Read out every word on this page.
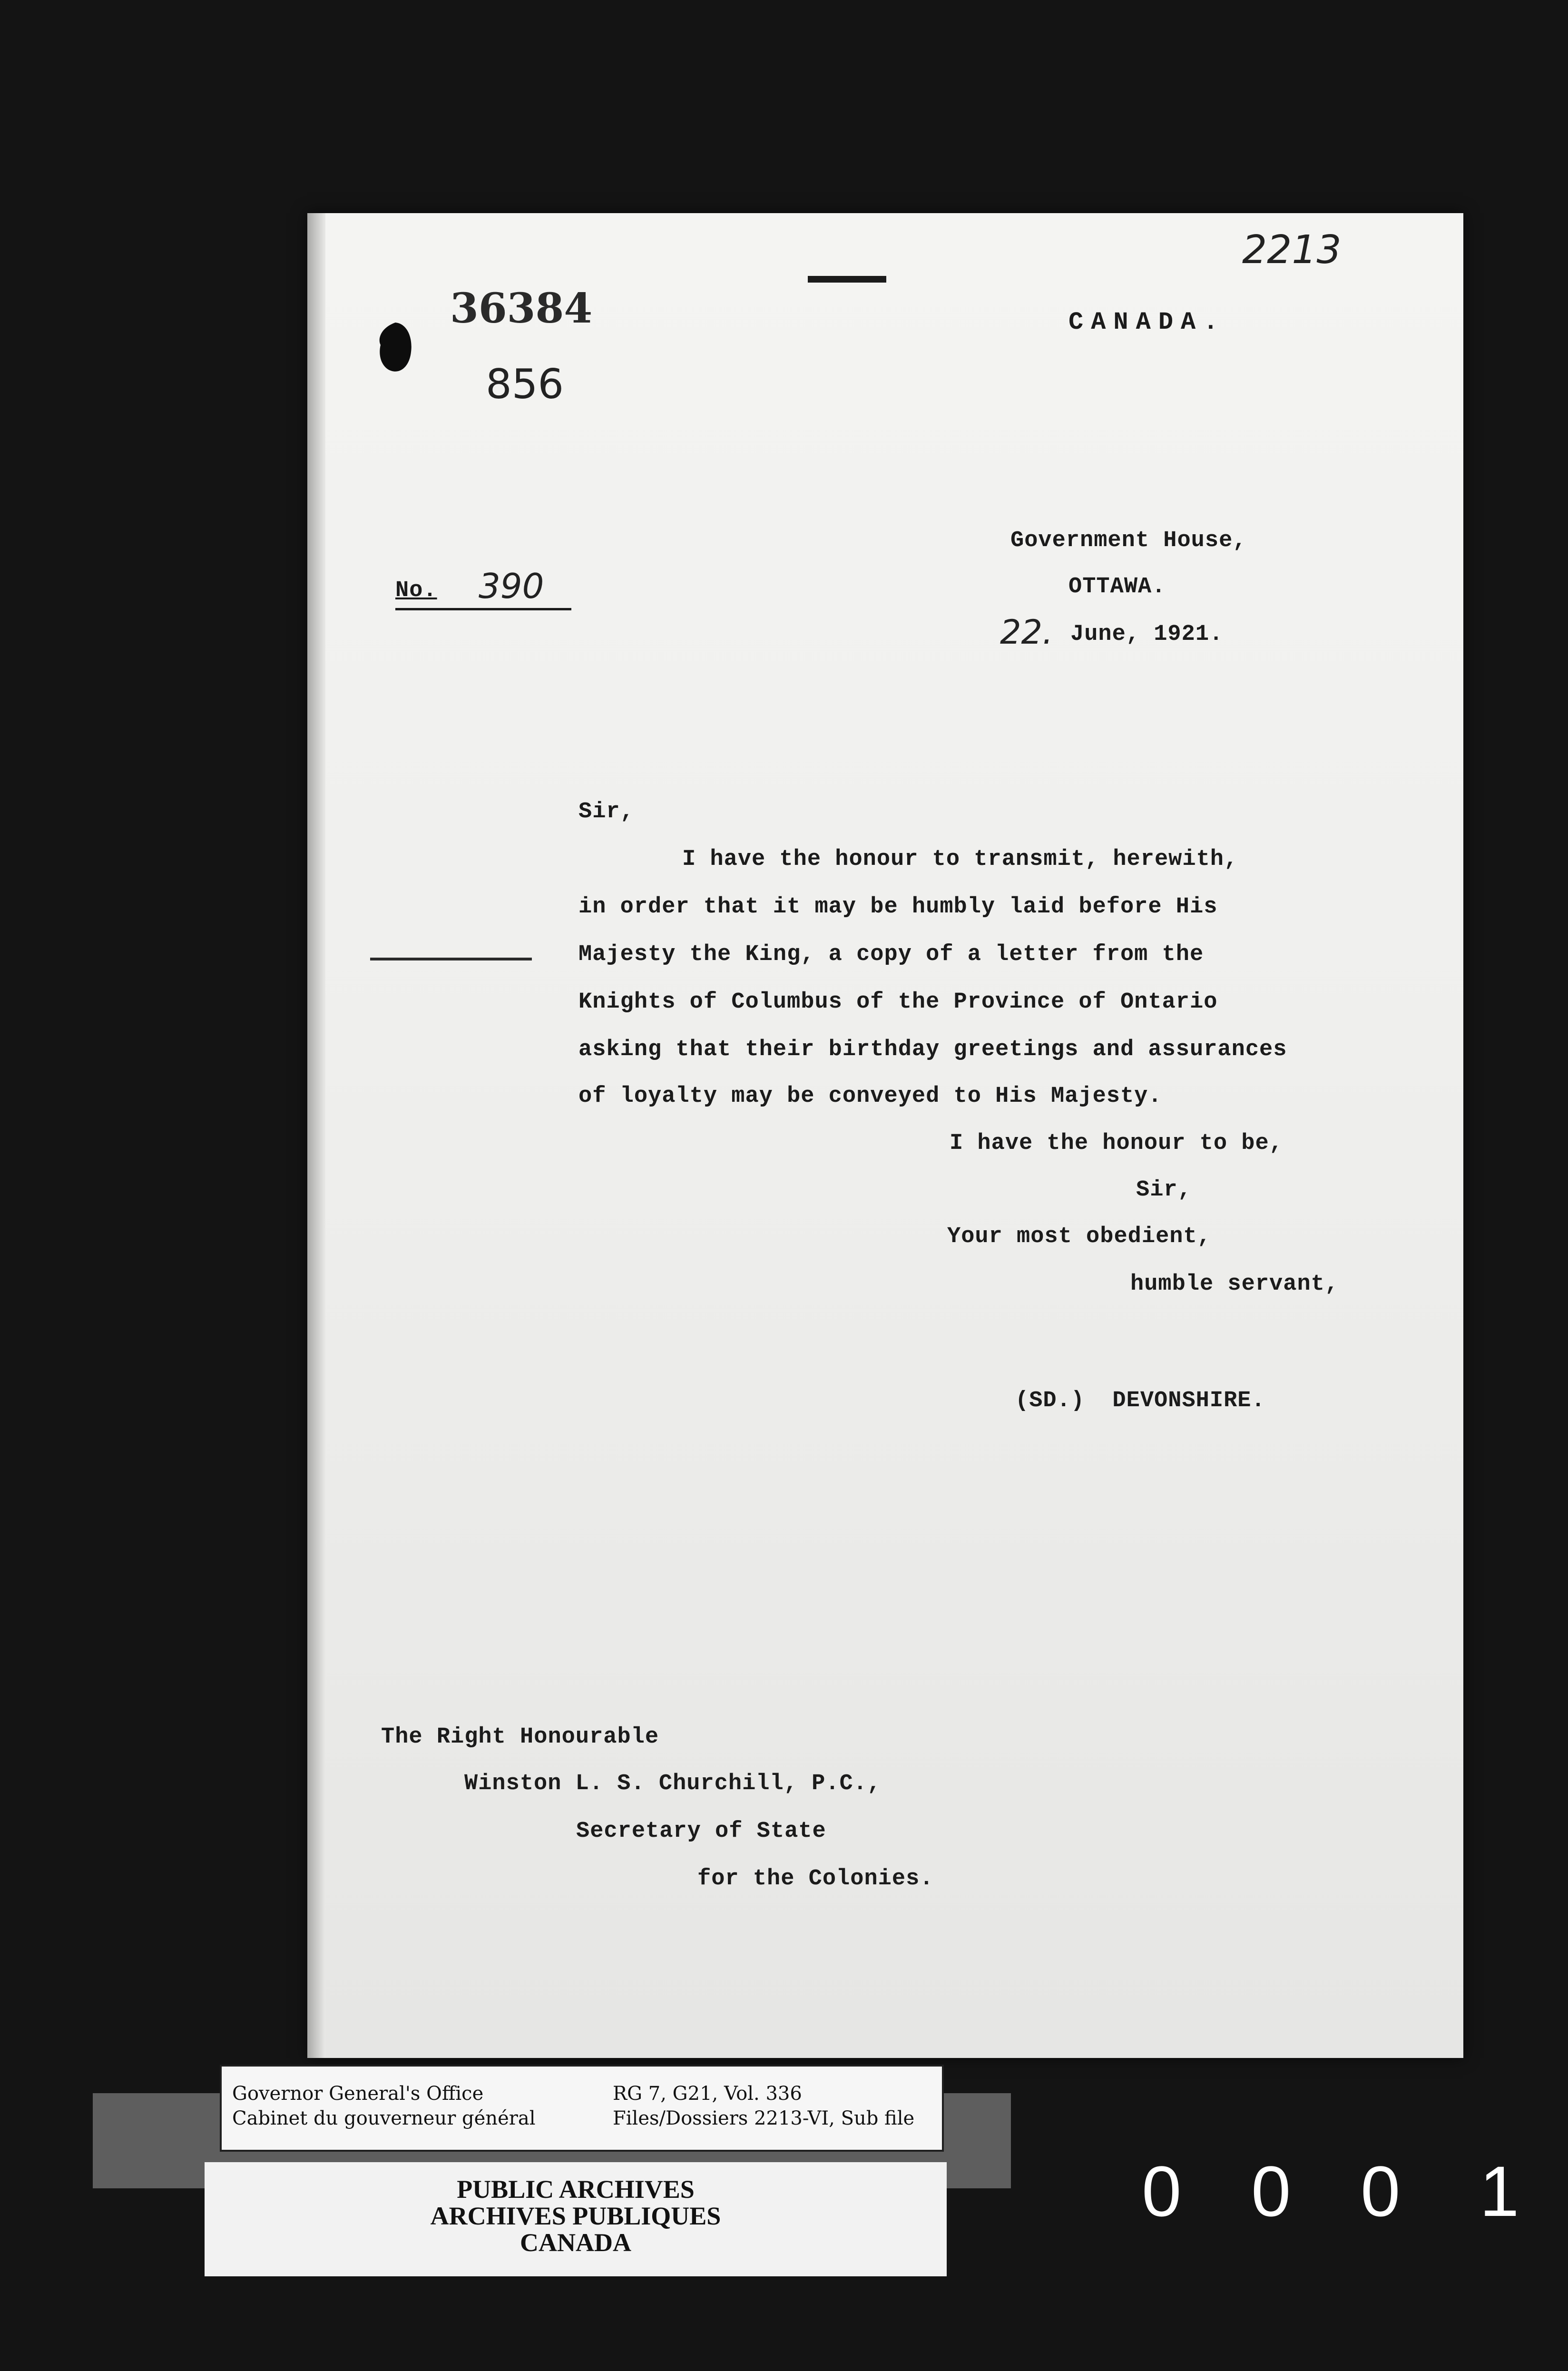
36384
856
2213
CANADA.
Government House,
OTTAWA.
22. June, 1921.
No. 390
Sir,
I have the honour to transmit, herewith,
in order that it may be humbly laid before His
Majesty the King, a copy of a letter from the
Knights of Columbus of the Province of Ontario
asking that their birthday greetings and assurances
of loyalty may be conveyed to His Majesty.
I have the honour to be,
Sir,
Your most obedient,
humble servant,
(SD.)  DEVONSHIRE.
The Right Honourable
Winston L. S. Churchill, P.C.,
Secretary of State
for the Colonies.
Governor General's Office
Cabinet du gouverneur général
RG 7, G21, Vol. 336
Files/Dossiers 2213-VI, Sub file
PUBLIC ARCHIVES
ARCHIVES PUBLIQUES
CANADA
0 0 0 1
